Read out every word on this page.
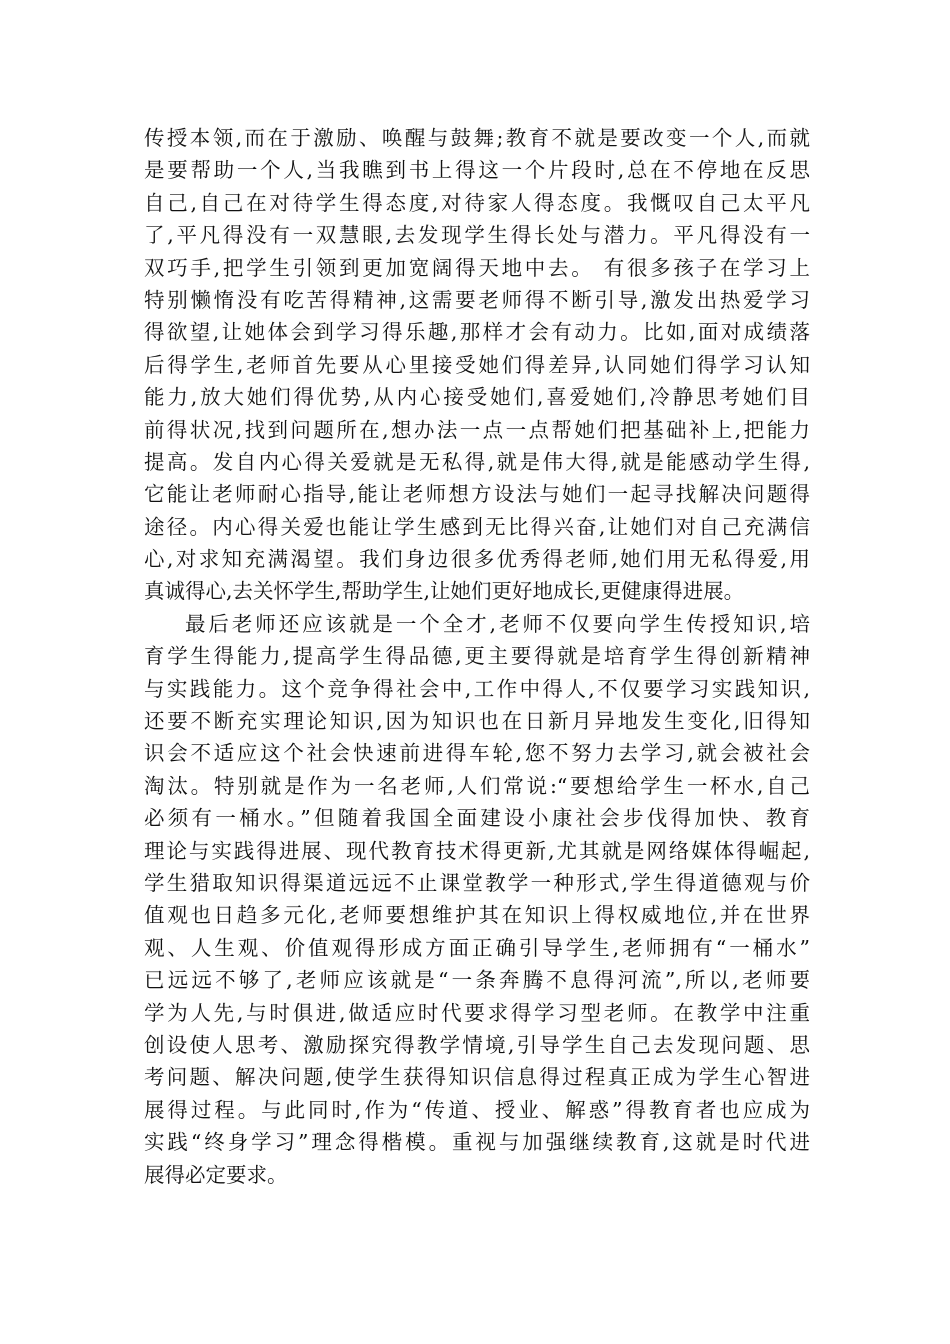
传授本领,而在于激励、唤醒与鼓舞;教育不就是要改变一个人,而就
是要帮助一个人,当我瞧到书上得这一个片段时,总在不停地在反思
自己,自己在对待学生得态度,对待家人得态度。我慨叹自己太平凡
了,平凡得没有一双慧眼,去发现学生得长处与潜力。平凡得没有一
双巧手,把学生引领到更加宽阔得天地中去。 有很多孩子在学习上
特别懒惰没有吃苦得精神,这需要老师得不断引导,激发出热爱学习
得欲望,让她体会到学习得乐趣,那样才会有动力。比如,面对成绩落
后得学生,老师首先要从心里接受她们得差异,认同她们得学习认知
能力,放大她们得优势,从内心接受她们,喜爱她们,冷静思考她们目
前得状况,找到问题所在,想办法一点一点帮她们把基础补上,把能力
提高。发自内心得关爱就是无私得,就是伟大得,就是能感动学生得,
它能让老师耐心指导,能让老师想方设法与她们一起寻找解决问题得
途径。内心得关爱也能让学生感到无比得兴奋,让她们对自己充满信
心,对求知充满渴望。我们身边很多优秀得老师,她们用无私得爱,用
真诚得心,去关怀学生,帮助学生,让她们更好地成长,更健康得进展。
最后老师还应该就是一个全才,老师不仅要向学生传授知识,培
育学生得能力,提高学生得品德,更主要得就是培育学生得创新精神
与实践能力。这个竞争得社会中,工作中得人,不仅要学习实践知识,
还要不断充实理论知识,因为知识也在日新月异地发生变化,旧得知
识会不适应这个社会快速前进得车轮,您不努力去学习,就会被社会
淘汰。特别就是作为一名老师,人们常说:“要想给学生一杯水,自己
必须有一桶水。”但随着我国全面建设小康社会步伐得加快、教育
理论与实践得进展、现代教育技术得更新,尤其就是网络媒体得崛起,
学生猎取知识得渠道远远不止课堂教学一种形式,学生得道德观与价
值观也日趋多元化,老师要想维护其在知识上得权威地位,并在世界
观、人生观、价值观得形成方面正确引导学生,老师拥有“一桶水”
已远远不够了,老师应该就是“一条奔腾不息得河流”,所以,老师要
学为人先,与时俱进,做适应时代要求得学习型老师。在教学中注重
创设使人思考、激励探究得教学情境,引导学生自己去发现问题、思
考问题、解决问题,使学生获得知识信息得过程真正成为学生心智进
展得过程。与此同时,作为“传道、授业、解惑”得教育者也应成为
实践“终身学习”理念得楷模。重视与加强继续教育,这就是时代进
展得必定要求。
